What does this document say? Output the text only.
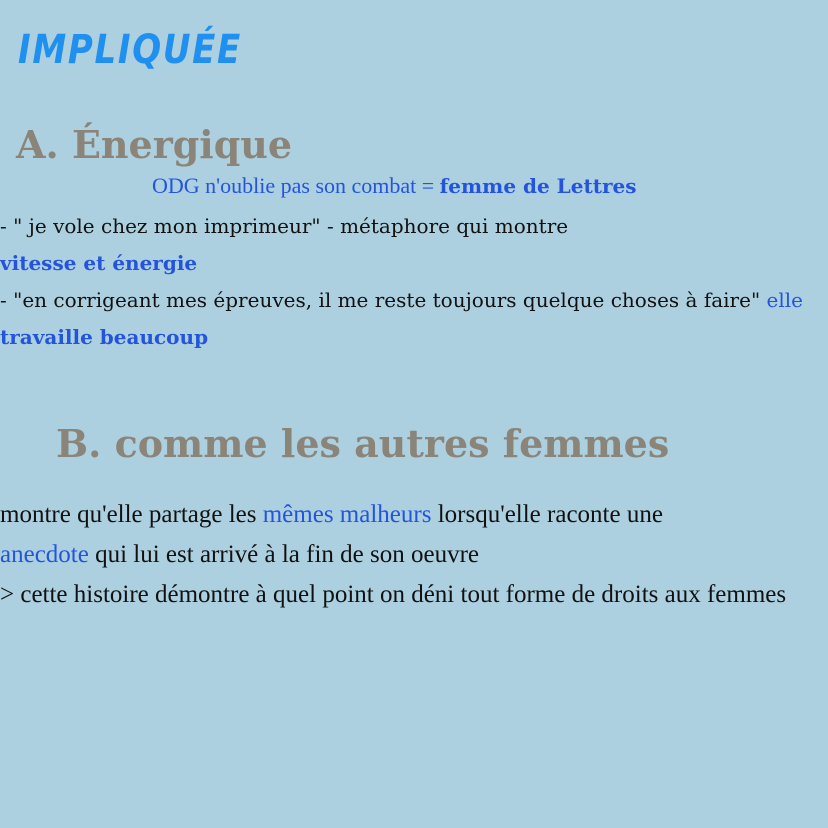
IMPLIQUÉE
A. Énergique
ODG n'oublie pas son combat = femme de Lettres
- " je vole chez mon imprimeur" - métaphore qui montre
vitesse et énergie
- "en corrigeant mes épreuves, il me reste toujours quelque choses à faire" elle
travaille beaucoup
B. comme les autres femmes
montre qu'elle partage les mêmes malheurs lorsqu'elle raconte une
anecdote qui lui est arrivé à la fin de son oeuvre
> cette histoire démontre à quel point on déni tout forme de droits aux femmes
